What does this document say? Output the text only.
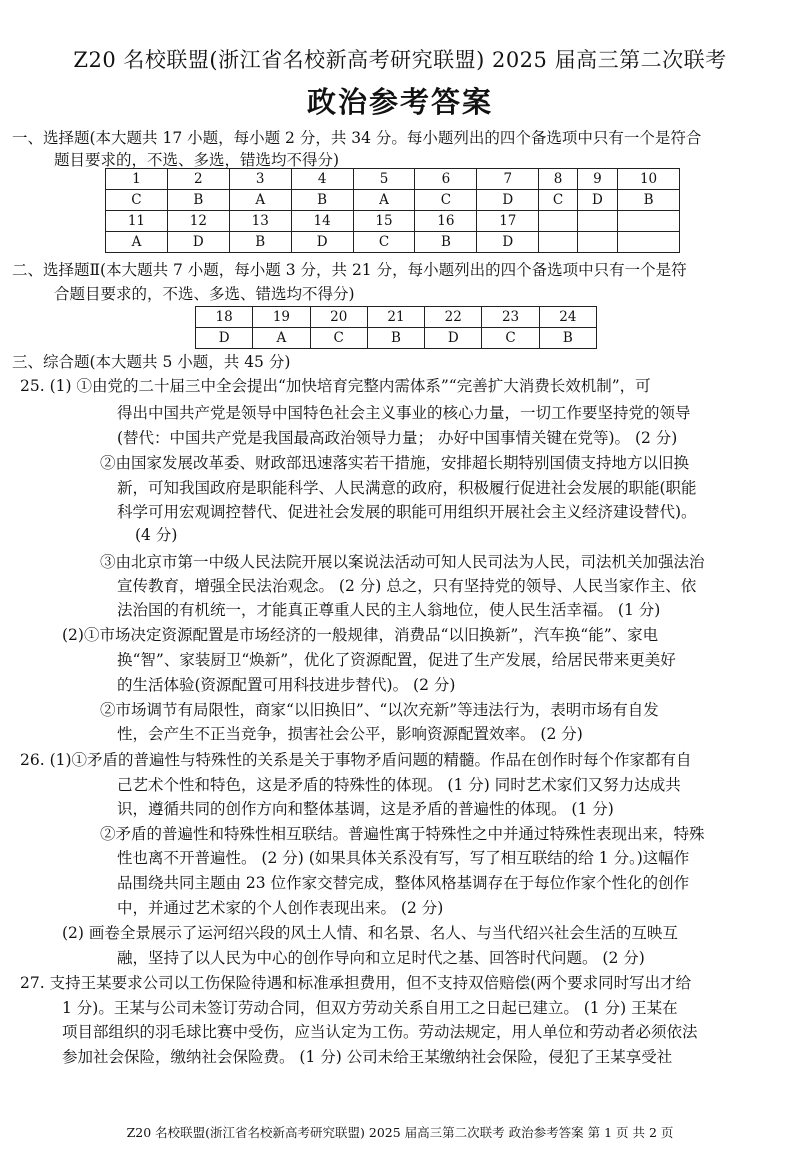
Z20 名校联盟(浙江省名校新高考研究联盟) 2025 届高三第二次联考
政治参考答案
一、选择题(本大题共 17 小题，每小题 2 分，共 34 分。每小题列出的四个备选项中只有一个是符合
题目要求的，不选、多选，错选均不得分)
1	2	3	4	5	6	7	8	9	10
C	B	A	B	A	C	D	C	D	B
11	12	13	14	15	16	17			
A	D	B	D	C	B	D			
二、选择题Ⅱ(本大题共 7 小题，每小题 3 分，共 21 分，每小题列出的四个备选项中只有一个是符
合题目要求的，不选、多选、错选均不得分)
18	19	20	21	22	23	24
D	A	C	B	D	C	B
三、综合题(本大题共 5 小题，共 45 分)
25. (1) ①由党的二十届三中全会提出“加快培育完整内需体系”“完善扩大消费长效机制”，可
得出中国共产党是领导中国特色社会主义事业的核心力量，一切工作要坚持党的领导
(替代：中国共产党是我国最高政治领导力量； 办好中国事情关键在党等)。 (2 分)
②由国家发展改革委、财政部迅速落实若干措施，安排超长期特别国债支持地方以旧换
新，可知我国政府是职能科学、人民满意的政府，积极履行促进社会发展的职能(职能
科学可用宏观调控替代、促进社会发展的职能可用组织开展社会主义经济建设替代)。
(4 分)
③由北京市第一中级人民法院开展以案说法活动可知人民司法为人民，司法机关加强法治
宣传教育，增强全民法治观念。 (2 分) 总之，只有坚持党的领导、人民当家作主、依
法治国的有机统一，才能真正尊重人民的主人翁地位，使人民生活幸福。 (1 分)
(2)①市场决定资源配置是市场经济的一般规律，消费品“以旧换新”，汽车换“能”、家电
换“智”、家装厨卫“焕新”，优化了资源配置，促进了生产发展，给居民带来更美好
的生活体验(资源配置可用科技进步替代)。 (2 分)
②市场调节有局限性，商家“以旧换旧”、“以次充新”等违法行为，表明市场有自发
性，会产生不正当竞争，损害社会公平，影响资源配置效率。 (2 分)
26. (1)①矛盾的普遍性与特殊性的关系是关于事物矛盾问题的精髓。作品在创作时每个作家都有自
己艺术个性和特色，这是矛盾的特殊性的体现。 (1 分) 同时艺术家们又努力达成共
识，遵循共同的创作方向和整体基调，这是矛盾的普遍性的体现。 (1 分)
②矛盾的普遍性和特殊性相互联结。普遍性寓于特殊性之中并通过特殊性表现出来，特殊
性也离不开普遍性。 (2 分) (如果具体关系没有写，写了相互联结的给 1 分。)这幅作
品围绕共同主题由 23 位作家交替完成，整体风格基调存在于每位作家个性化的创作
中，并通过艺术家的个人创作表现出来。 (2 分)
(2) 画卷全景展示了运河绍兴段的风土人情、和名景、名人、与当代绍兴社会生活的互映互
融，坚持了以人民为中心的创作导向和立足时代之基、回答时代问题。 (2 分)
27. 支持王某要求公司以工伤保险待遇和标准承担费用，但不支持双倍赔偿(两个要求同时写出才给
1 分)。王某与公司未签订劳动合同，但双方劳动关系自用工之日起已建立。 (1 分) 王某在
项目部组织的羽毛球比赛中受伤，应当认定为工伤。劳动法规定，用人单位和劳动者必须依法
参加社会保险，缴纳社会保险费。 (1 分) 公司未给王某缴纳社会保险，侵犯了王某享受社
Z20 名校联盟(浙江省名校新高考研究联盟) 2025 届高三第二次联考 政治参考答案 第 1 页 共 2 页
